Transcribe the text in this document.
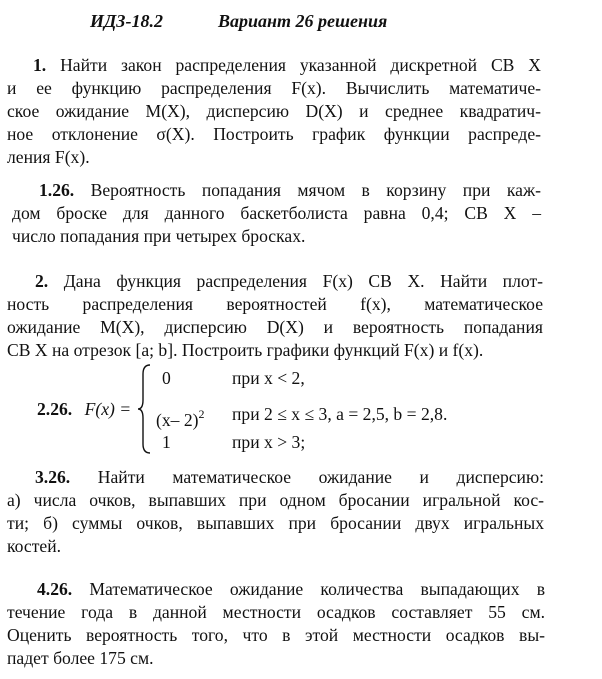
ИДЗ-18.2	Вариант 26 решения
1. Найти закон распределения указанной дискретной СВ X
и ее функцию распределения F(x). Вычислить математиче-
ское ожидание M(X), дисперсию D(X) и среднее квадратич-
ное отклонение σ(X). Построить график функции распреде-
ления F(x).
1.26. Вероятность попадания мячом в корзину при каж-
дом броске для данного баскетболиста равна 0,4; СВ X –
число попадания при четырех бросках.
2. Дана функция распределения F(x) СВ X. Найти плот-
ность распределения вероятностей f(x), математическое
ожидание M(X), дисперсию D(X) и вероятность попадания
СВ X на отрезок [a; b]. Построить графики функций F(x) и f(x).
2.26. F(x) =
0	при x < 2,
(x– 2)$^2$ при 2 ≤ x ≤ 3, a = 2,5, b = 2,8.
1	при x > 3;
3.26. Найти математическое ожидание и дисперсию:
а) числа очков, выпавших при одном бросании игральной кос-
ти; б) суммы очков, выпавших при бросании двух игральных
костей.
4.26. Математическое ожидание количества выпадающих в
течение года в данной местности осадков составляет 55 см.
Оценить вероятность того, что в этой местности осадков вы-
падет более 175 см.
